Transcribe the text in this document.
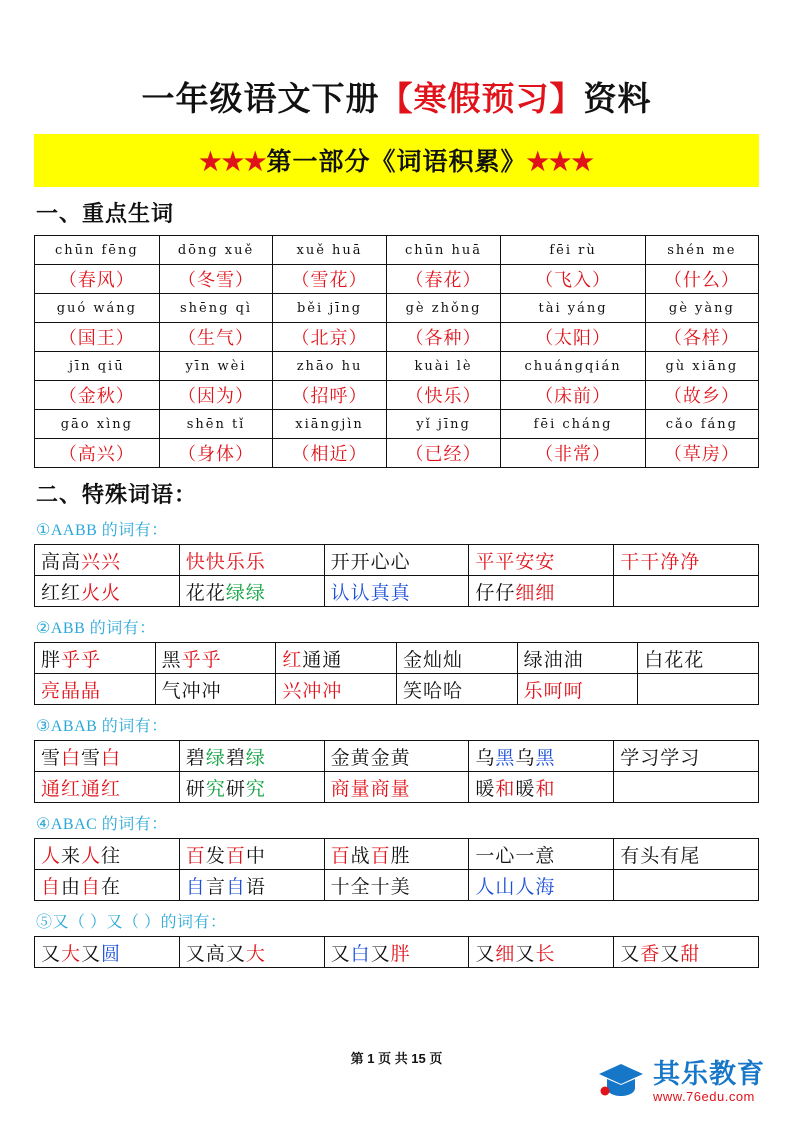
一年级语文下册【寒假预习】资料
★★★第一部分《词语积累》★★★
一、重点生词
chūn fēng	dōng xuě	xuě huā	chūn huā	fēi rù	shén me
（春风）	（冬雪）	（雪花）	（春花）	（飞入）	（什么）
guó wáng	shēng qì	běi jīng	gè zhǒng	tài yáng	gè yàng
（国王）	（生气）	（北京）	（各种）	（太阳）	（各样）
jīn qiū	yīn wèi	zhāo hu	kuài lè	chuángqián	gù xiāng
（金秋）	（因为）	（招呼）	（快乐）	（床前）	（故乡）
gāo xìng	shēn tǐ	xiāngjìn	yǐ jīng	fēi cháng	cǎo fáng
（高兴）	（身体）	（相近）	（已经）	（非常）	（草房）
二、特殊词语：
①AABB 的词有：
高高兴兴	快快乐乐	开开心心	平平安安	干干净净
红红火火	花花绿绿	认认真真	仔仔细细	
②ABB 的词有：
胖乎乎	黑乎乎	红通通	金灿灿	绿油油	白花花
亮晶晶	气冲冲	兴冲冲	笑哈哈	乐呵呵	
③ABAB 的词有：
雪白雪白	碧绿碧绿	金黄金黄	乌黑乌黑	学习学习
通红通红	研究研究	商量商量	暖和暖和	
④ABAC 的词有：
人来人往	百发百中	百战百胜	一心一意	有头有尾
自由自在	自言自语	十全十美	人山人海	
⑤又（ ）又（ ）的词有：
又大又圆	又高又大	又白又胖	又细又长	又香又甜
第 1 页 共 15 页
其乐教育
www.76edu.com
